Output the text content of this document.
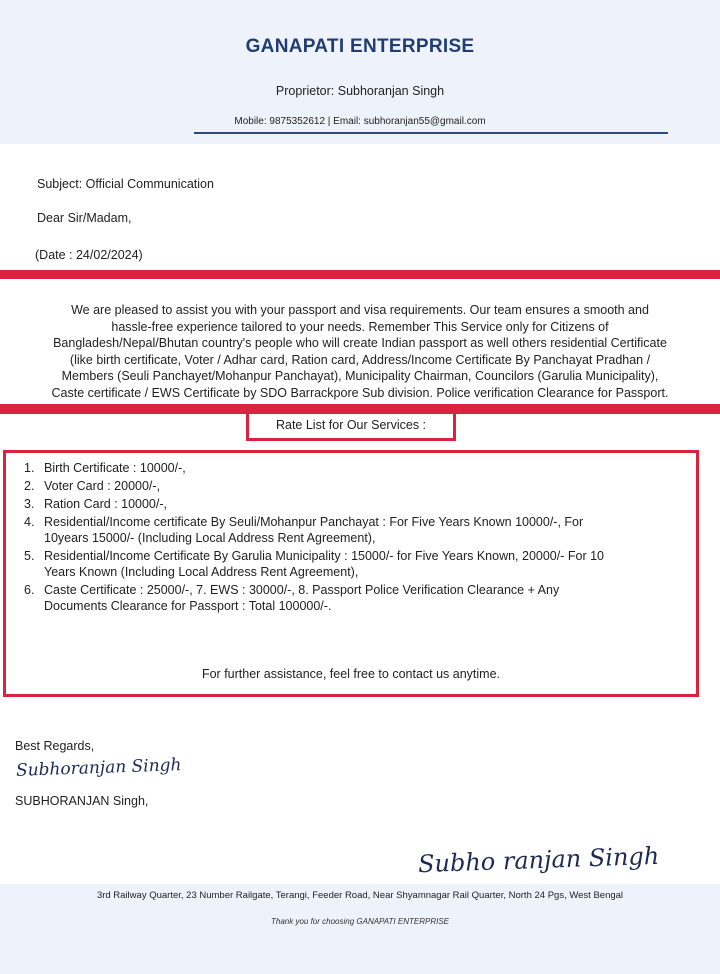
GANAPATI ENTERPRISE
Proprietor: Subhoranjan Singh
Mobile: 9875352612 | Email: subhoranjan55@gmail.com
Subject: Official Communication
Dear Sir/Madam,
(Date : 24/02/2024)
We are pleased to assist you with your passport and visa requirements. Our team ensures a smooth and
hassle-free experience tailored to your needs. Remember This Service only for Citizens of
Bangladesh/Nepal/Bhutan country's people who will create Indian passport as well others residential Certificate
(like birth certificate, Voter / Adhar card, Ration card, Address/Income Certificate By Panchayat Pradhan /
Members (Seuli Panchayet/Mohanpur Panchayat), Municipality Chairman, Councilors (Garulia Municipality),
Caste certificate / EWS Certificate by SDO Barrackpore Sub division. Police verification Clearance for Passport.
Rate List for Our Services :
1. Birth Certificate : 10000/-,
2. Voter Card : 20000/-,
3. Ration Card : 10000/-,
4. Residential/Income certificate By Seuli/Mohanpur Panchayat : For Five Years Known 10000/-, For
10years 15000/- (Including Local Address Rent Agreement),
5. Residential/Income Certificate By Garulia Municipality : 15000/- for Five Years Known, 20000/- For 10
Years Known (Including Local Address Rent Agreement),
6. Caste Certificate : 25000/-, 7. EWS : 30000/-, 8. Passport Police Verification Clearance + Any
Documents Clearance for Passport : Total 100000/-.
For further assistance, feel free to contact us anytime.
Best Regards,
Subhoranjan Singh
SUBHORANJAN Singh,
Subho ranjan Singh
3rd Railway Quarter, 23 Number Railgate, Terangi, Feeder Road, Near Shyamnagar Rail Quarter, North 24 Pgs, West Bengal
Thank you for choosing GANAPATI ENTERPRISE
